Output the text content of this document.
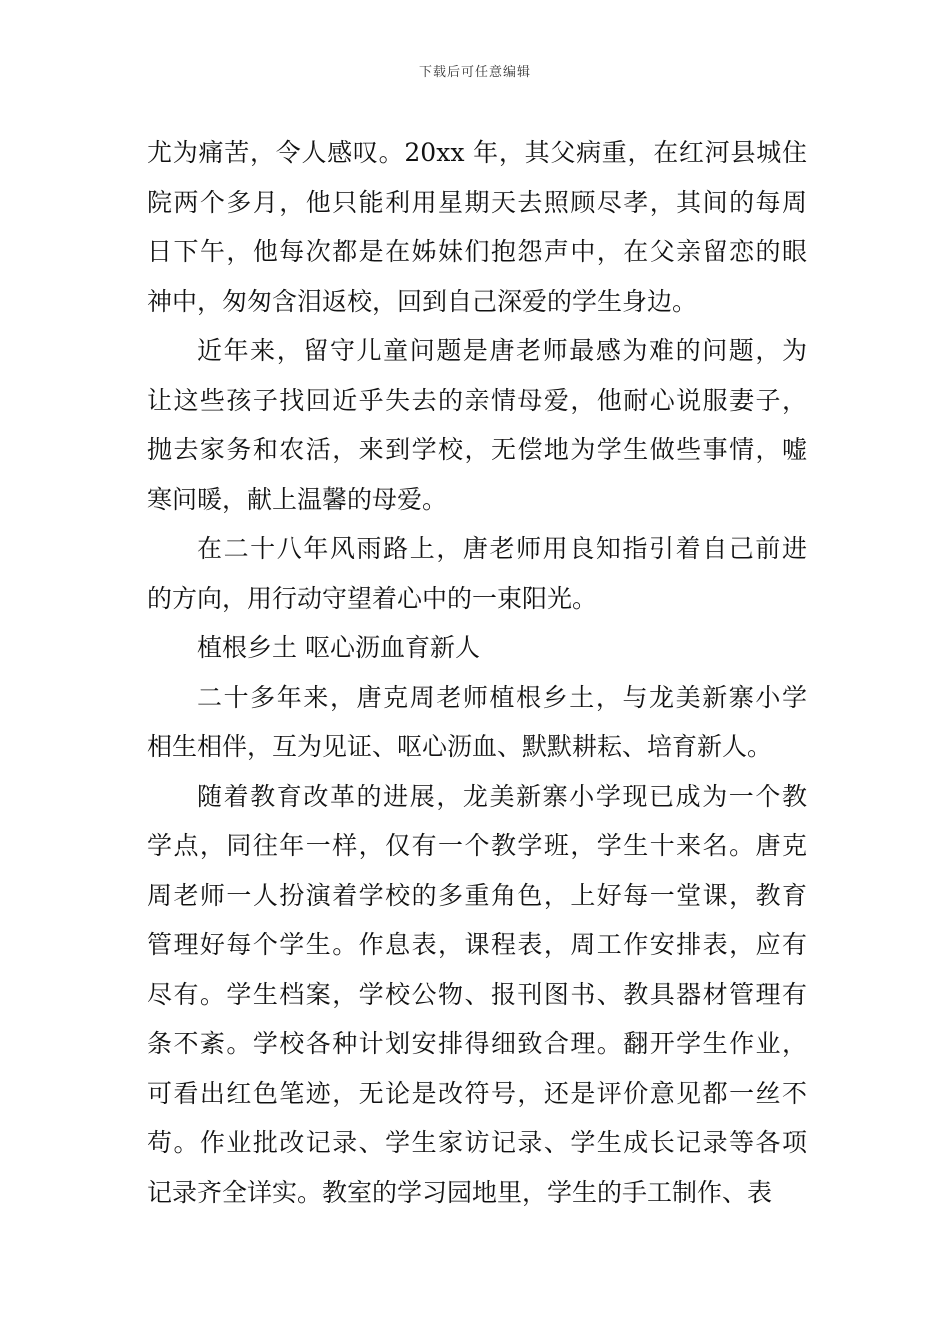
下载后可任意编辑
尤为痛苦，令人感叹。20xx 年，其父病重，在红河县城住
院两个多月，他只能利用星期天去照顾尽孝，其间的每周
日下午，他每次都是在姊妹们抱怨声中，在父亲留恋的眼
神中，匆匆含泪返校，回到自己深爱的学生身边。
近年来，留守儿童问题是唐老师最感为难的问题，为
让这些孩子找回近乎失去的亲情母爱，他耐心说服妻子，
抛去家务和农活，来到学校，无偿地为学生做些事情，嘘
寒问暖，献上温馨的母爱。
在二十八年风雨路上，唐老师用良知指引着自己前进
的方向，用行动守望着心中的一束阳光。
植根乡土 呕心沥血育新人
二十多年来，唐克周老师植根乡土，与龙美新寨小学
相生相伴，互为见证、呕心沥血、默默耕耘、培育新人。
随着教育改革的进展，龙美新寨小学现已成为一个教
学点，同往年一样，仅有一个教学班，学生十来名。唐克
周老师一人扮演着学校的多重角色，上好每一堂课，教育
管理好每个学生。作息表，课程表，周工作安排表，应有
尽有。学生档案，学校公物、报刊图书、教具器材管理有
条不紊。学校各种计划安排得细致合理。翻开学生作业，
可看出红色笔迹，无论是改符号，还是评价意见都一丝不
苟。作业批改记录、学生家访记录、学生成长记录等各项
记录齐全详实。教室的学习园地里，学生的手工制作、表
